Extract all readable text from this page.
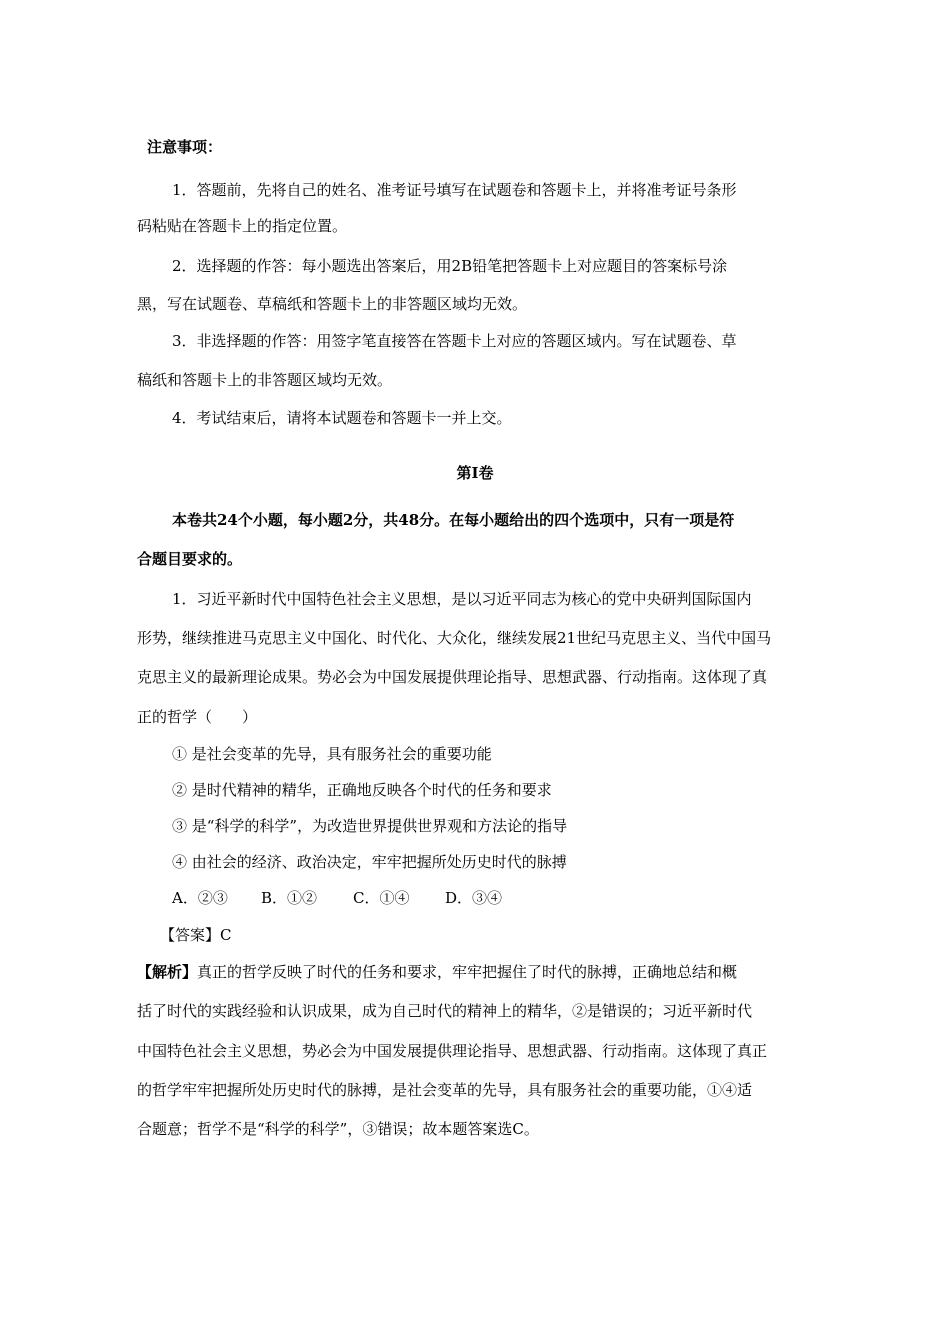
注意事项：
1．答题前，先将自己的姓名、准考证号填写在试题卷和答题卡上，并将准考证号条形
码粘贴在答题卡上的指定位置。
2．选择题的作答：每小题选出答案后，用2B铅笔把答题卡上对应题目的答案标号涂
黑，写在试题卷、草稿纸和答题卡上的非答题区域均无效。
3．非选择题的作答：用签字笔直接答在答题卡上对应的答题区域内。写在试题卷、草
稿纸和答题卡上的非答题区域均无效。
4．考试结束后，请将本试题卷和答题卡一并上交。
第Ⅰ卷
本卷共24个小题，每小题2分，共48分。在每小题给出的四个选项中，只有一项是符
合题目要求的。
1．习近平新时代中国特色社会主义思想，是以习近平同志为核心的党中央研判国际国内
形势，继续推进马克思主义中国化、时代化、大众化，继续发展21世纪马克思主义、当代中国马
克思主义的最新理论成果。势必会为中国发展提供理论指导、思想武器、行动指南。这体现了真
正的哲学（　　）
① 是社会变革的先导，具有服务社会的重要功能
② 是时代精神的精华，正确地反映各个时代的任务和要求
③ 是“科学的科学”，为改造世界提供世界观和方法论的指导
④ 由社会的经济、政治决定，牢牢把握所处历史时代的脉搏
A．②③ B．①② C．①④ D．③④
【答案】C
【解析】真正的哲学反映了时代的任务和要求，牢牢把握住了时代的脉搏，正确地总结和概
括了时代的实践经验和认识成果，成为自己时代的精神上的精华，②是错误的；习近平新时代
中国特色社会主义思想，势必会为中国发展提供理论指导、思想武器、行动指南。这体现了真正
的哲学牢牢把握所处历史时代的脉搏，是社会变革的先导，具有服务社会的重要功能，①④适
合题意；哲学不是“科学的科学”，③错误；故本题答案选C。
